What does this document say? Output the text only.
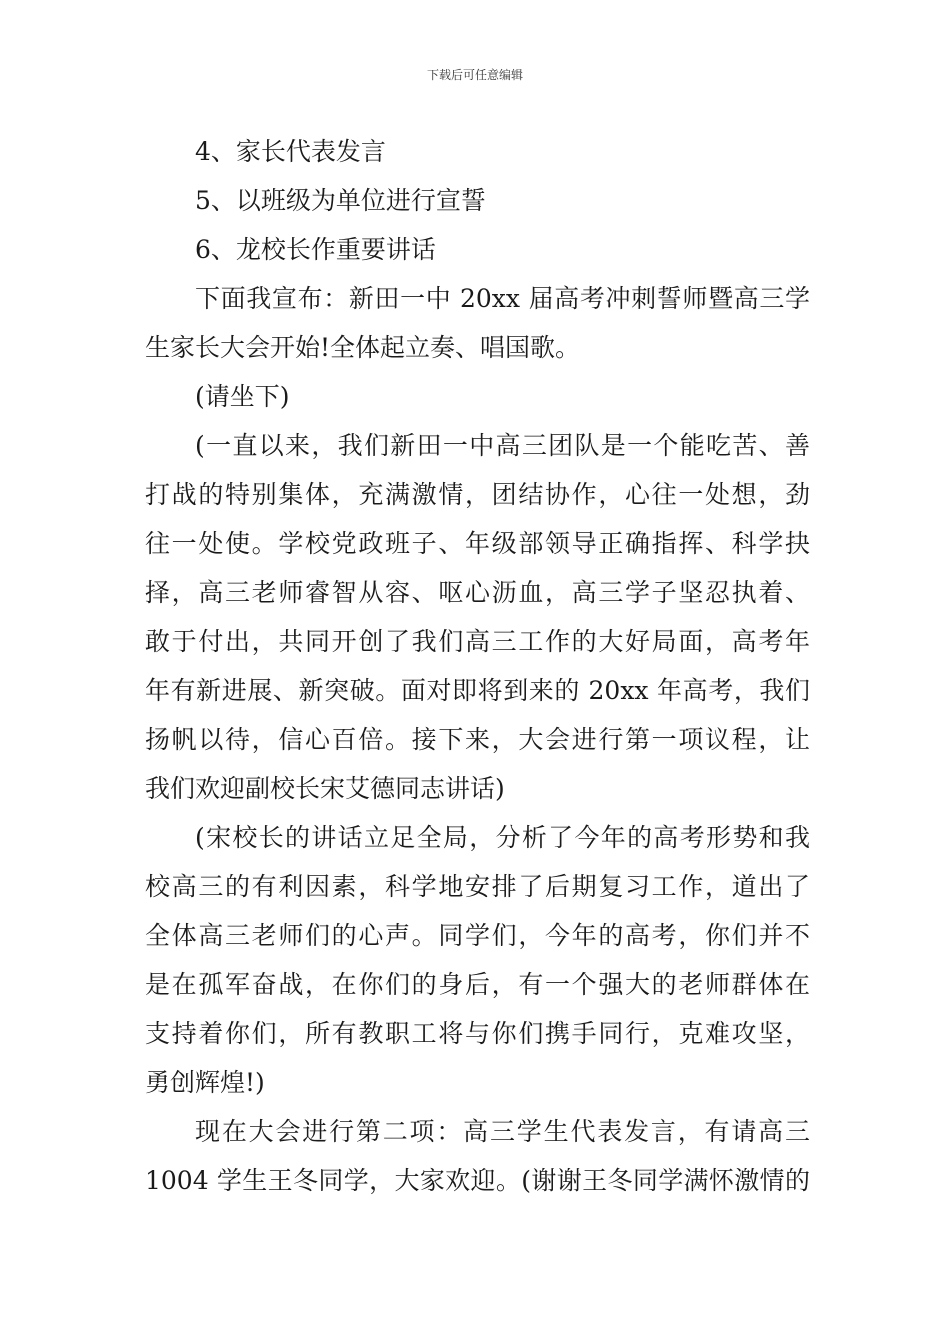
下载后可任意编辑
4、家长代表发言
5、以班级为单位进行宣誓
6、龙校长作重要讲话
下面我宣布：新田一中 20xx 届高考冲刺誓师暨高三学
生家长大会开始!全体起立奏、唱国歌。
(请坐下)
(一直以来，我们新田一中高三团队是一个能吃苦、善
打战的特别集体，充满激情，团结协作，心往一处想，劲
往一处使。学校党政班子、年级部领导正确指挥、科学抉
择，高三老师睿智从容、呕心沥血，高三学子坚忍执着、
敢于付出，共同开创了我们高三工作的大好局面，高考年
年有新进展、新突破。面对即将到来的 20xx 年高考，我们
扬帆以待，信心百倍。接下来，大会进行第一项议程，让
我们欢迎副校长宋艾德同志讲话)
(宋校长的讲话立足全局，分析了今年的高考形势和我
校高三的有利因素，科学地安排了后期复习工作，道出了
全体高三老师们的心声。同学们，今年的高考，你们并不
是在孤军奋战，在你们的身后，有一个强大的老师群体在
支持着你们，所有教职工将与你们携手同行，克难攻坚，
勇创辉煌!)
现在大会进行第二项：高三学生代表发言，有请高三
1004 学生王冬同学，大家欢迎。(谢谢王冬同学满怀激情的
